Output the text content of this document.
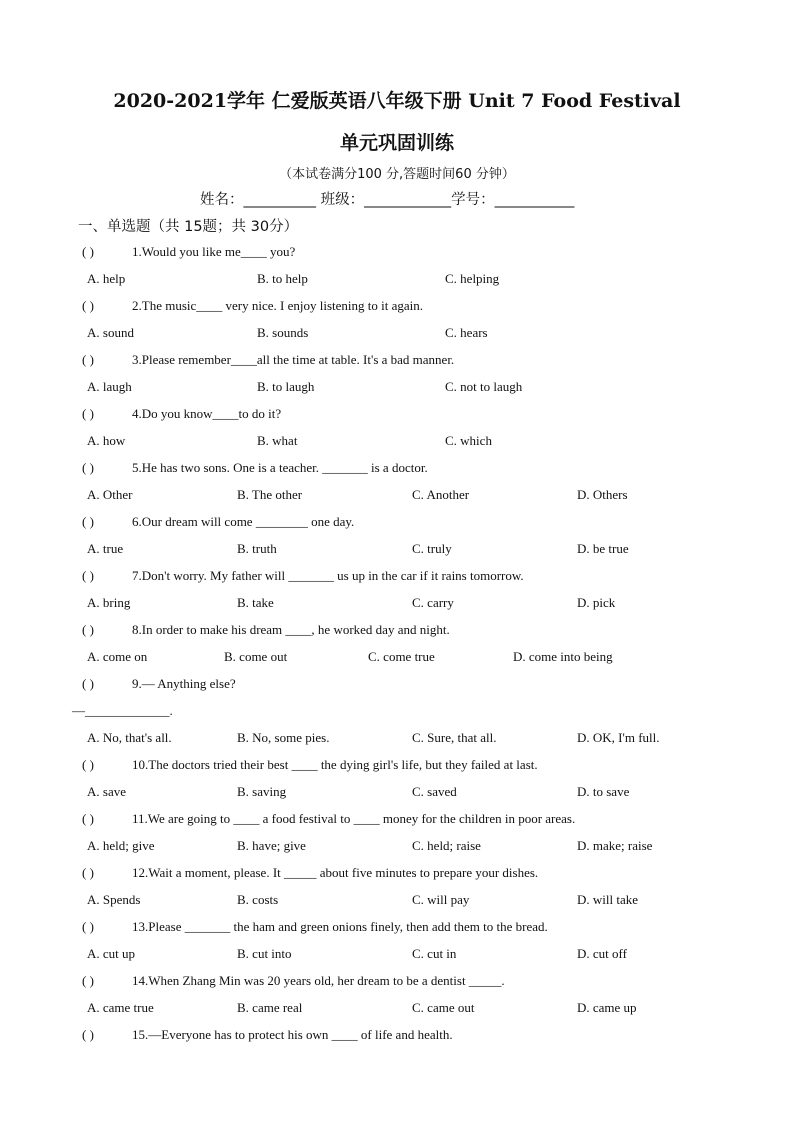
2020-2021学年 仁爱版英语八年级下册 Unit 7 Food Festival
单元巩固训练
（本试卷满分100 分,答题时间60 分钟）
姓名：__________ 班级：____________学号：___________
一、单选题（共 15题；共 30分）
( )	1.Would you like me____ you?
A. help	B. to help	C. helping
( )	2.The music____ very nice. I enjoy listening to it again.
A. sound	B. sounds	C. hears
( )	3.Please remember____all the time at table. It's a bad manner.
A. laugh	B. to laugh	C. not to laugh
( )	4.Do you know____to do it?
A. how	B. what	C. which
( )	5.He has two sons. One is a teacher. _______ is a doctor.
A. Other	B. The other	C. Another	D. Others
( )	6.Our dream will come ________ one day.
A. true	B. truth	C. truly	D. be true
( )	7.Don't worry. My father will _______ us up in the car if it rains tomorrow.
A. bring	B. take	C. carry	D. pick
( )	8.In order to make his dream ____, he worked day and night.
A. come on	B. come out	C. come true	D. come into being
( )	9.— Anything else?
—_____________.
A. No, that's all.	B. No, some pies.	C. Sure, that all.	D. OK, I'm full.
( )	10.The doctors tried their best ____ the dying girl's life, but they failed at last.
A. save	B. saving	C. saved	D. to save
( )	11.We are going to ____ a food festival to ____ money for the children in poor areas.
A. held; give	B. have; give	C. held; raise	D. make; raise
( )	12.Wait a moment, please. It _____ about five minutes to prepare your dishes.
A. Spends	B. costs	C. will pay	D. will take
( )	13.Please _______ the ham and green onions finely, then add them to the bread.
A. cut up	B. cut into	C. cut in	D. cut off
( )	14.When Zhang Min was 20 years old, her dream to be a dentist _____.
A. came true	B. came real	C. came out	D. came up
( )	15.—Everyone has to protect his own ____ of life and health.
